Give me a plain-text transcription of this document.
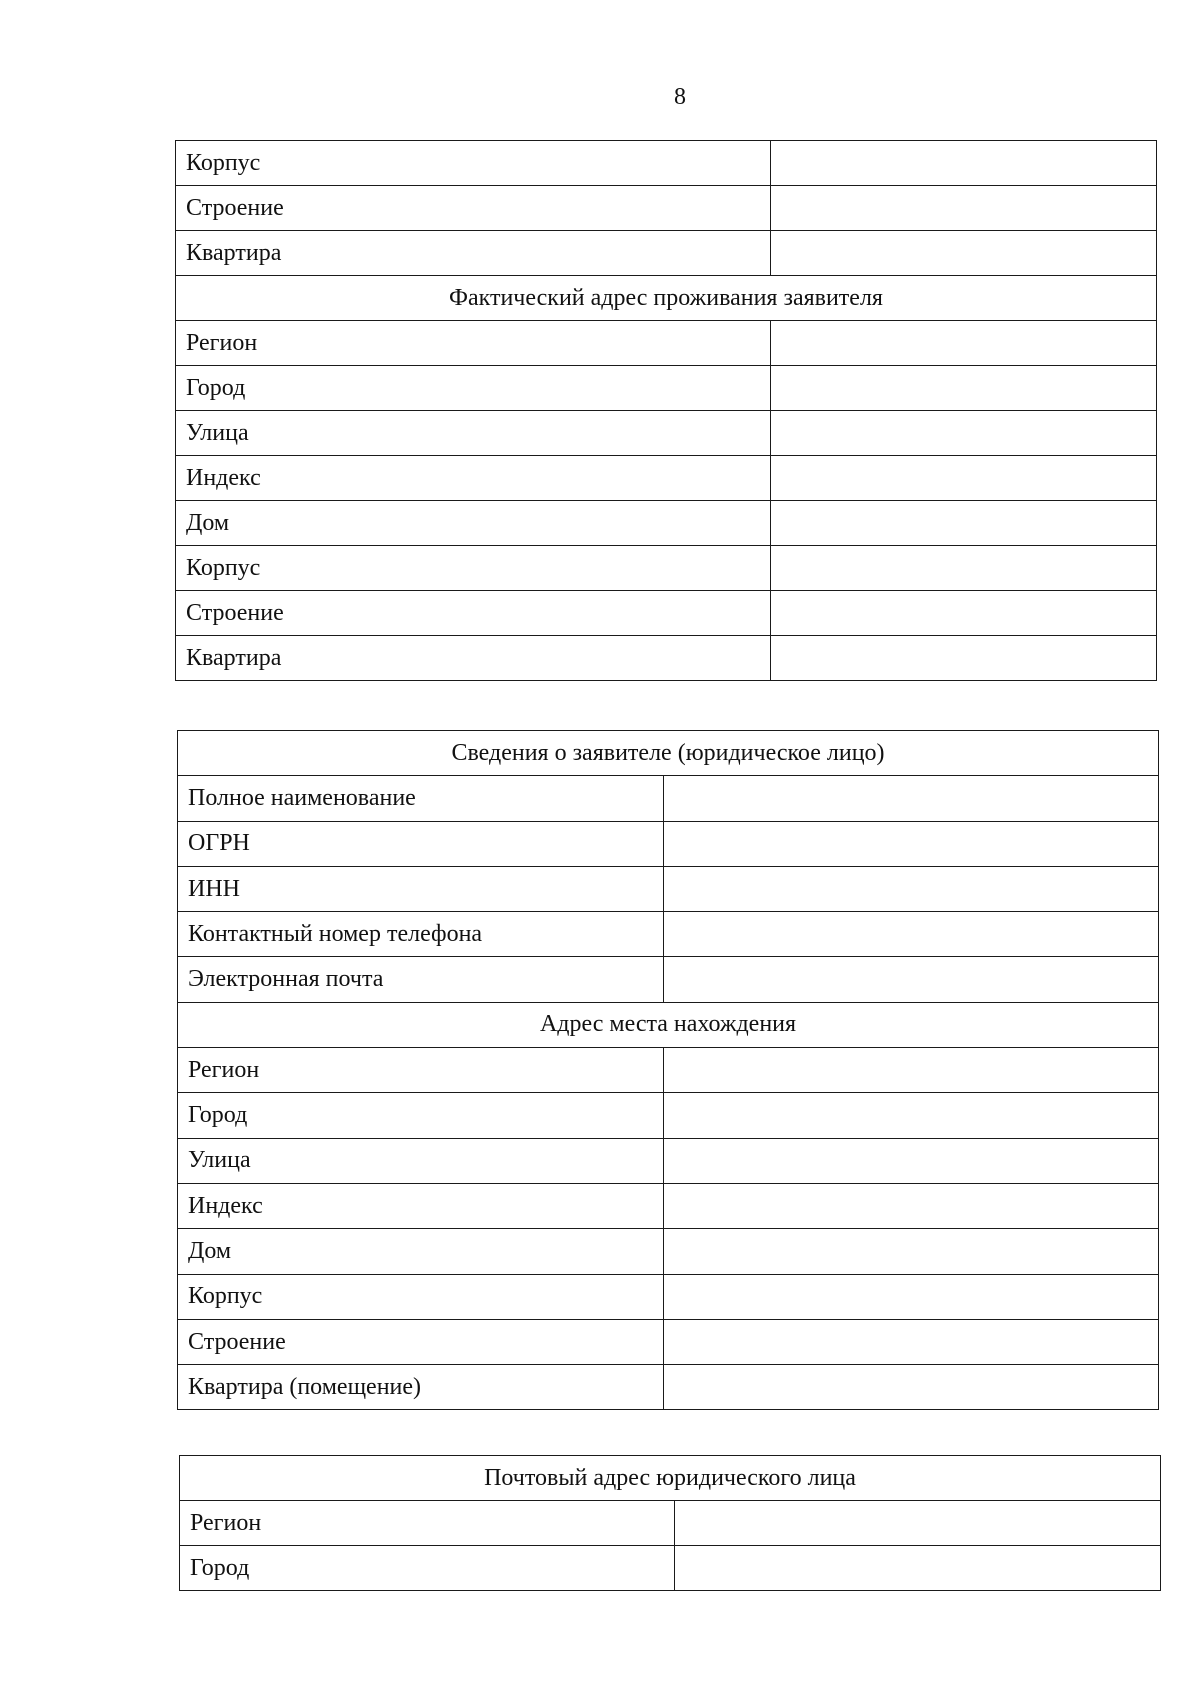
8
Корпус	
Строение	
Квартира	
Фактический адрес проживания заявителя	
Регион	
Город	
Улица	
Индекс	
Дом	
Корпус	
Строение	
Квартира	
Сведения о заявителе (юридическое лицо)	
Полное наименование	
ОГРН	
ИНН	
Контактный номер телефона	
Электронная почта	
Адрес места нахождения	
Регион	
Город	
Улица	
Индекс	
Дом	
Корпус	
Строение	
Квартира (помещение)	
Почтовый адрес юридического лица	
Регион	
Город	
